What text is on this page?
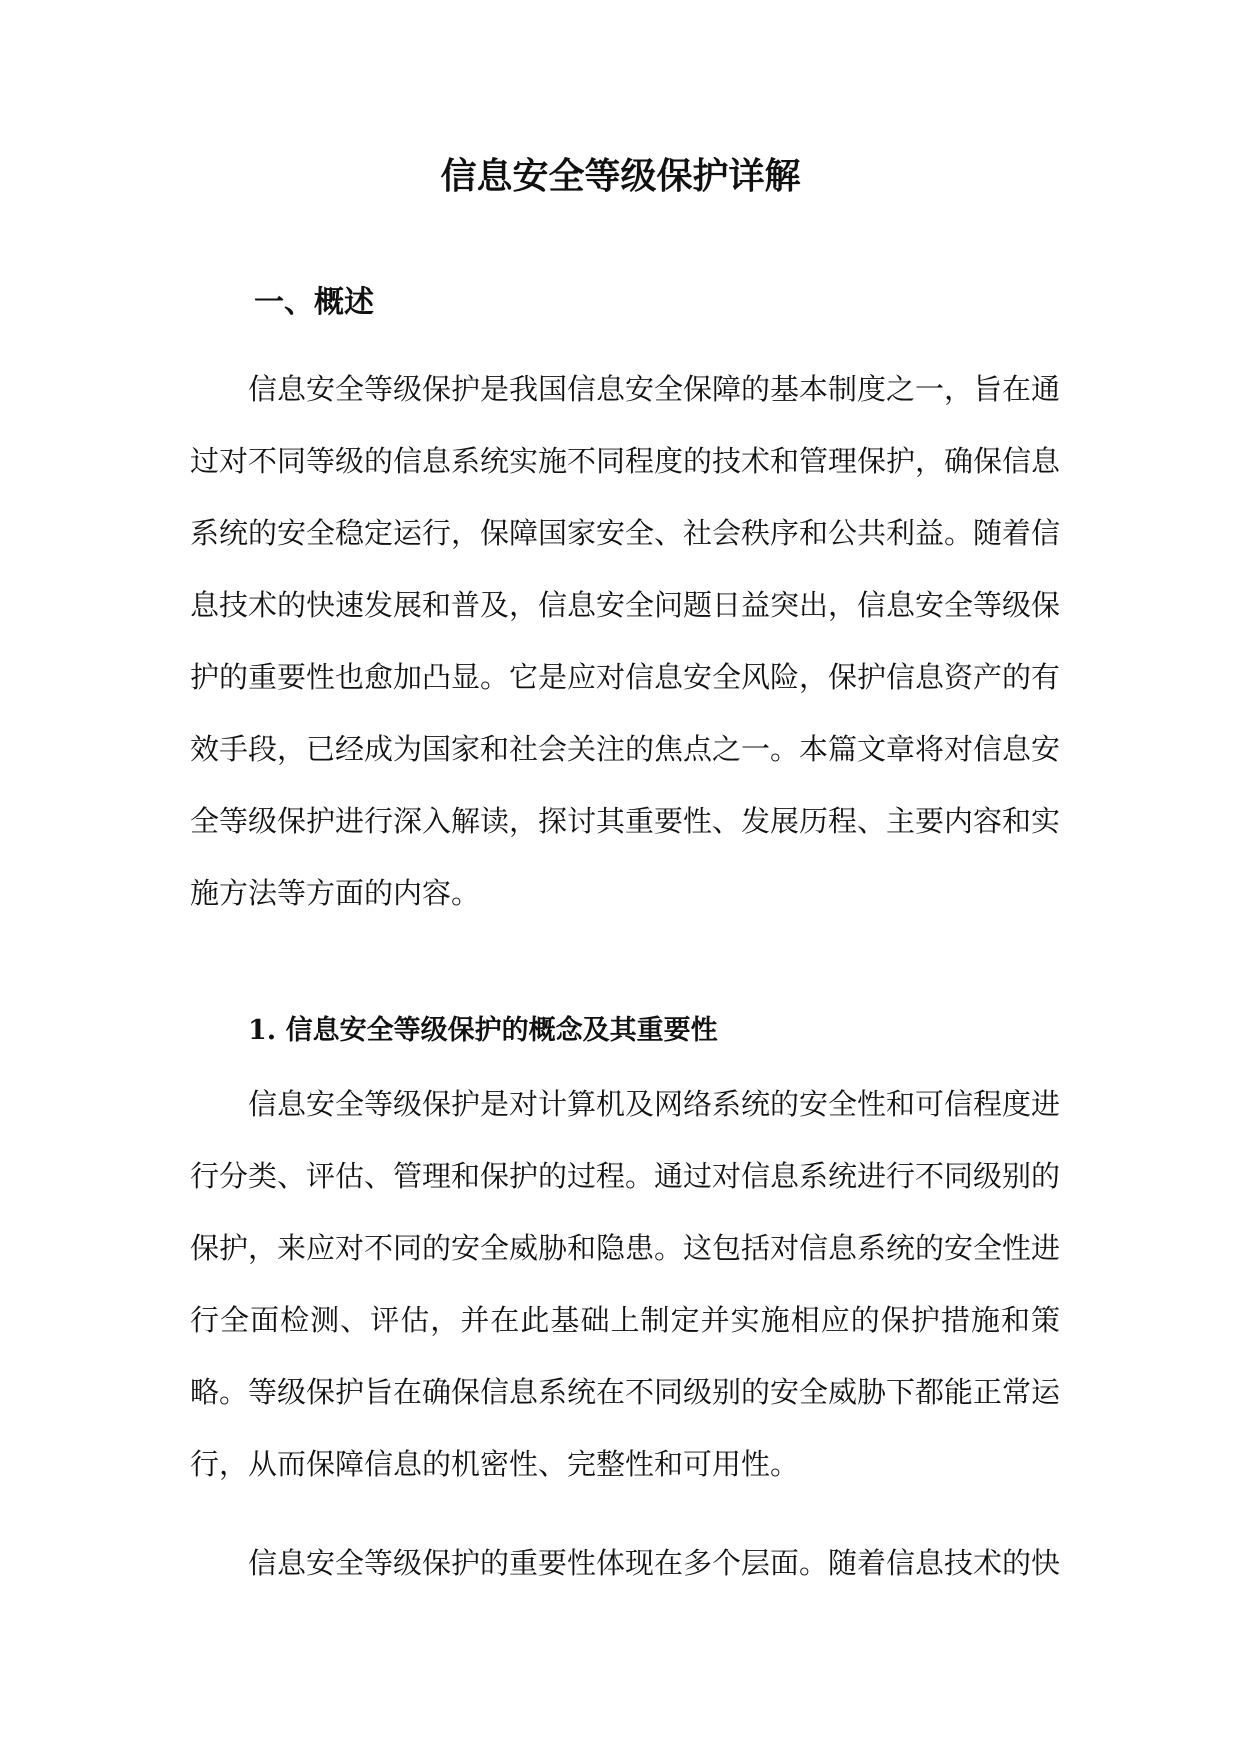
信息安全等级保护详解
一、概述

信息安全等级保护是我国信息安全保障的基本制度之一，旨在通过对不同等级的信息系统实施不同程度的技术和管理保护，确保信息系统的安全稳定运行，保障国家安全、社会秩序和公共利益。随着信息技术的快速发展和普及，信息安全问题日益突出，信息安全等级保护的重要性也愈加凸显。它是应对信息安全风险，保护信息资产的有效手段，已经成为国家和社会关注的焦点之一。本篇文章将对信息安全等级保护进行深入解读，探讨其重要性、发展历程、主要内容和实施方法等方面的内容。

1. 信息安全等级保护的概念及其重要性

信息安全等级保护是对计算机及网络系统的安全性和可信程度进行分类、评估、管理和保护的过程。通过对信息系统进行不同级别的保护，来应对不同的安全威胁和隐患。这包括对信息系统的安全性进行全面检测、评估，并在此基础上制定并实施相应的保护措施和策略。等级保护旨在确保信息系统在不同级别的安全威胁下都能正常运行，从而保障信息的机密性、完整性和可用性。

信息安全等级保护的重要性体现在多个层面。随着信息技术的快
